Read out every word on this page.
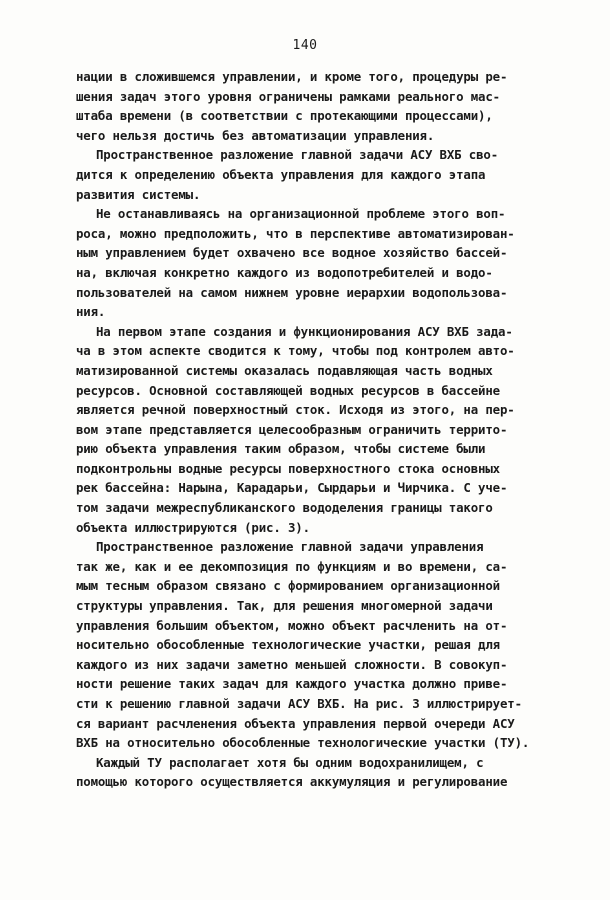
140
нации в сложившемся управлении, и кроме того, процедуры ре-
шения задач этого уровня ограничены рамками реального мас-
штаба времени (в соответствии с протекающими процессами),
чего нельзя достичь без автоматизации управления.
Пространственное разложение главной задачи АСУ ВХБ сво-
дится к определению объекта управления для каждого этапа
развития системы.
Не останавливаясь на организационной проблеме этого воп-
роса, можно предположить, что в перспективе автоматизирован-
ным управлением будет охвачено все водное хозяйство бассей-
на, включая конкретно каждого из водопотребителей и водо-
пользователей на самом нижнем уровне иерархии водопользова-
ния.
На первом этапе создания и функционирования АСУ ВХБ зада-
ча в этом аспекте сводится к тому, чтобы под контролем авто-
матизированной системы оказалась подавляющая часть водных
ресурсов. Основной составляющей водных ресурсов в бассейне
является речной поверхностный сток. Исходя из этого, на пер-
вом этапе представляется целесообразным ограничить террито-
рию объекта управления таким образом, чтобы системе были
подконтрольны водные ресурсы поверхностного стока основных
рек бассейна: Нарына, Карадарьи, Сырдарьи и Чирчика. С уче-
том задачи межреспубликанского вододеления границы такого
объекта иллюстрируются (рис. 3).
Пространственное разложение главной задачи управления
так же, как и ее декомпозиция по функциям и во времени, са-
мым тесным образом связано с формированием организационной
структуры управления. Так, для решения многомерной задачи
управления большим объектом, можно объект расчленить на от-
носительно обособленные технологические участки, решая для
каждого из них задачи заметно меньшей сложности. В совокуп-
ности решение таких задач для каждого участка должно приве-
сти к решению главной задачи АСУ ВХБ. На рис. 3 иллюстрирует-
ся вариант расчленения объекта управления первой очереди АСУ
ВХБ на относительно обособленные технологические участки (ТУ).
Каждый ТУ располагает хотя бы одним водохранилищем, с
помощью которого осуществляется аккумуляция и регулирование
